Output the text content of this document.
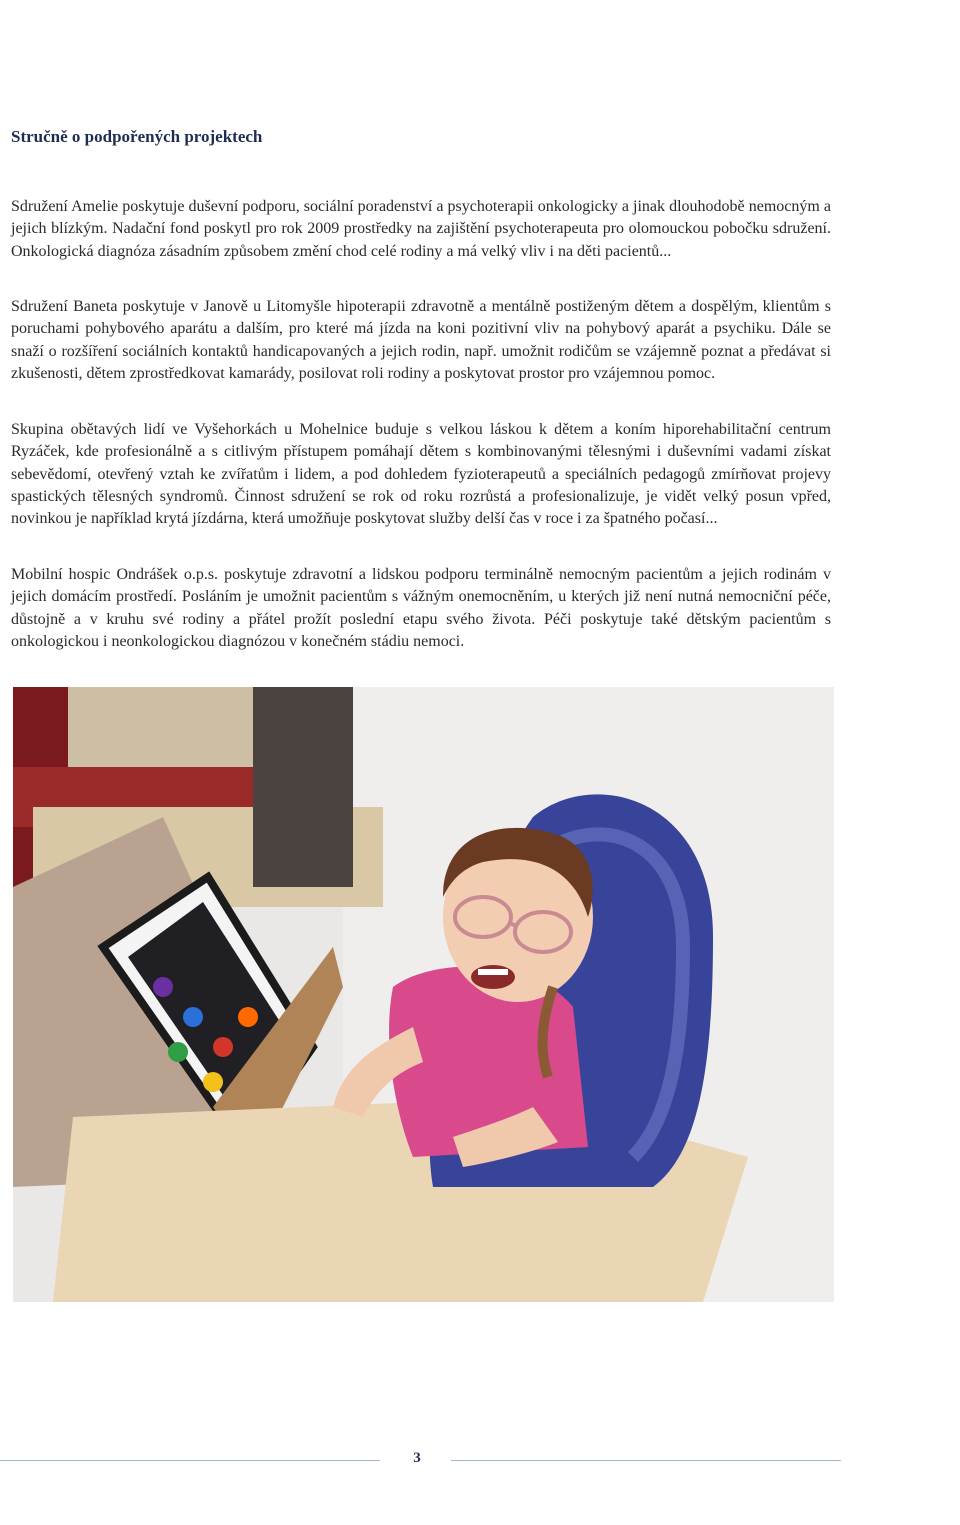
Stručně o podpořených projektech

Sdružení Amelie poskytuje duševní podporu, sociální poradenství a psychoterapii onkologicky a jinak dlouhodobě nemocným a jejich blízkým. Nadační fond poskytl pro rok 2009 prostředky na zajištění psychoterapeuta pro olomouckou pobočku sdružení. Onkologická diagnóza zásadním způsobem změní chod celé rodiny a má velký vliv i na děti pacientů...

Sdružení Baneta poskytuje v Janově u Litomyšle hipoterapii zdravotně a mentálně postiženým dětem a dospělým, klientům s poruchami pohybového aparátu a dalším, pro které má jízda na koni pozitivní vliv na pohybový aparát a psychiku. Dále se snaží o rozšíření sociálních kontaktů handicapovaných a jejich rodin, např. umožnit rodičům se vzájemně poznat a předávat si zkušenosti, dětem zprostředkovat kamarády, posilovat roli rodiny a poskytovat prostor pro vzájemnou pomoc.

Skupina obětavých lidí ve Vyšehorkách u Mohelnice buduje s velkou láskou k dětem a koním hiporehabilitační centrum Ryzáček, kde profesionálně a s citlivým přístupem pomáhají dětem s kombinovanými tělesnými i duševními vadami získat sebevědomí, otevřený vztah ke zvířatům i lidem, a pod dohledem fyzioterapeutů a speciálních pedagogů zmírňovat projevy spastických tělesných syndromů. Činnost sdružení se rok od roku rozrůstá a profesionalizuje, je vidět velký posun vpřed, novinkou je například krytá jízdárna, která umožňuje poskytovat služby delší čas v roce i za špatného počasí...

Mobilní hospic Ondrášek o.p.s. poskytuje zdravotní a lidskou podporu terminálně nemocným pacientům a jejich rodinám v jejich domácím prostředí. Posláním je umožnit pacientům s vážným onemocněním, u kterých již není nutná nemocniční péče, důstojně a v kruhu své rodiny a přátel prožít poslední etapu svého života. Péči poskytuje také dětským pacientům s onkologickou i neonkologickou diagnózou v konečném stádiu nemoci.

3
